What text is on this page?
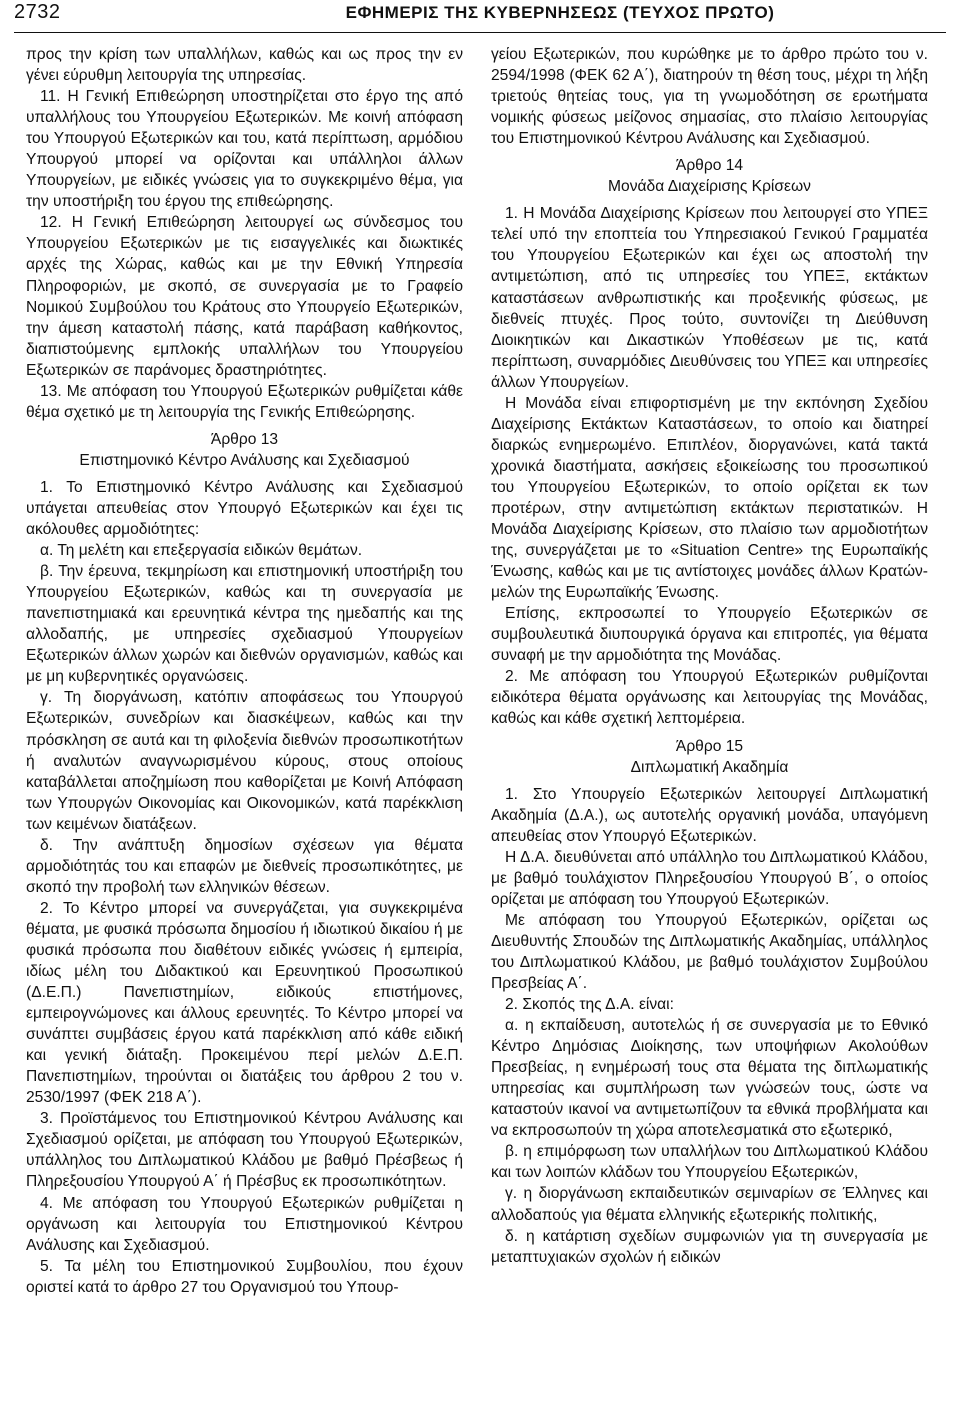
2732	ΕΦΗΜΕΡΙΣ ΤΗΣ ΚΥΒΕΡΝΗΣΕΩΣ (ΤΕΥΧΟΣ ΠΡΩΤΟ)

προς την κρίση των υπαλλήλων, καθώς και ως προς την εν γένει εύρυθμη λειτουργία της υπηρεσίας.

11. Η Γενική Επιθεώρηση υποστηρίζεται στο έργο της από υπαλλήλους του Υπουργείου Εξωτερικών. Με κοινή απόφαση του Υπουργού Εξωτερικών και του, κατά περίπτωση, αρμόδιου Υπουργού μπορεί να ορίζονται και υπάλληλοι άλλων Υπουργείων, με ειδικές γνώσεις για το συγκεκριμένο θέμα, για την υποστήριξη του έργου της επιθεώρησης.

12. Η Γενική Επιθεώρηση λειτουργεί ως σύνδεσμος του Υπουργείου Εξωτερικών με τις εισαγγελικές και διωκτικές αρχές της Χώρας, καθώς και με την Εθνική Υπηρεσία Πληροφοριών, με σκοπό, σε συνεργασία με το Γραφείο Νομικού Συμβούλου του Κράτους στο Υπουργείο Εξωτερικών, την άμεση καταστολή πάσης, κατά παράβαση καθήκοντος, διαπιστούμενης εμπλοκής υπαλλήλων του Υπουργείου Εξωτερικών σε παράνομες δραστηριότητες.

13. Με απόφαση του Υπουργού Εξωτερικών ρυθμίζεται κάθε θέμα σχετικό με τη λειτουργία της Γενικής Επιθεώρησης.

Άρθρο 13
Επιστημονικό Κέντρο Ανάλυσης και Σχεδιασμού

1. Το Επιστημονικό Κέντρο Ανάλυσης και Σχεδιασμού υπάγεται απευθείας στον Υπουργό Εξωτερικών και έχει τις ακόλουθες αρμοδιότητες:

α. Τη μελέτη και επεξεργασία ειδικών θεμάτων.

β. Την έρευνα, τεκμηρίωση και επιστημονική υποστήριξη του Υπουργείου Εξωτερικών, καθώς και τη συνεργασία με πανεπιστημιακά και ερευνητικά κέντρα της ημεδαπής και της αλλοδαπής, με υπηρεσίες σχεδιασμού Υπουργείων Εξωτερικών άλλων χωρών και διεθνών οργανισμών, καθώς και με μη κυβερνητικές οργανώσεις.

γ. Τη διοργάνωση, κατόπιν αποφάσεως του Υπουργού Εξωτερικών, συνεδρίων και διασκέψεων, καθώς και την πρόσκληση σε αυτά και τη φιλοξενία διεθνών προσωπικοτήτων ή αναλυτών αναγνωρισμένου κύρους, στους οποίους καταβάλλεται αποζημίωση που καθορίζεται με Κοινή Απόφαση των Υπουργών Οικονομίας και Οικονομικών, κατά παρέκκλιση των κειμένων διατάξεων.

δ. Την ανάπτυξη δημοσίων σχέσεων για θέματα αρμοδιότητάς του και επαφών με διεθνείς προσωπικότητες, με σκοπό την προβολή των ελληνικών θέσεων.

2. Το Κέντρο μπορεί να συνεργάζεται, για συγκεκριμένα θέματα, με φυσικά πρόσωπα δημοσίου ή ιδιωτικού δικαίου ή με φυσικά πρόσωπα που διαθέτουν ειδικές γνώσεις ή εμπειρία, ιδίως μέλη του Διδακτικού και Ερευνητικού Προσωπικού (Δ.Ε.Π.) Πανεπιστημίων, ειδικούς επιστήμονες, εμπειρογνώμονες και άλλους ερευνητές. Το Κέντρο μπορεί να συνάπτει συμβάσεις έργου κατά παρέκκλιση από κάθε ειδική και γενική διάταξη. Προκειμένου περί μελών Δ.Ε.Π. Πανεπιστημίων, τηρούνται οι διατάξεις του άρθρου 2 του ν. 2530/1997 (ΦΕΚ 218 Α΄).

3. Προϊστάμενος του Επιστημονικού Κέντρου Ανάλυσης και Σχεδιασμού ορίζεται, με απόφαση του Υπουργού Εξωτερικών, υπάλληλος του Διπλωματικού Κλάδου με βαθμό Πρέσβεως ή Πληρεξουσίου Υπουργού Α΄ ή Πρέσβυς εκ προσωπικότητων.

4. Με απόφαση του Υπουργού Εξωτερικών ρυθμίζεται η οργάνωση και λειτουργία του Επιστημονικού Κέντρου Ανάλυσης και Σχεδιασμού.

5. Τα μέλη του Επιστημονικού Συμβουλίου, που έχουν οριστεί κατά το άρθρο 27 του Οργανισμού του Υπουρ-

γείου Εξωτερικών, που κυρώθηκε με το άρθρο πρώτο του ν. 2594/1998 (ΦΕΚ 62 Α΄), διατηρούν τη θέση τους, μέχρι τη λήξη τριετούς θητείας τους, για τη γνωμοδότηση σε ερωτήματα νομικής φύσεως μείζονος σημασίας, στο πλαίσιο λειτουργίας του Επιστημονικού Κέντρου Ανάλυσης και Σχεδιασμού.

Άρθρο 14
Μονάδα Διαχείρισης Κρίσεων

1. Η Μονάδα Διαχείρισης Κρίσεων που λειτουργεί στο ΥΠΕΞ τελεί υπό την εποπτεία του Υπηρεσιακού Γενικού Γραμματέα του Υπουργείου Εξωτερικών και έχει ως αποστολή την αντιμετώπιση, από τις υπηρεσίες του ΥΠΕΞ, εκτάκτων καταστάσεων ανθρωπιστικής και προξενικής φύσεως, με διεθνείς πτυχές. Προς τούτο, συντονίζει τη Διεύθυνση Διοικητικών και Δικαστικών Υποθέσεων με τις, κατά περίπτωση, συναρμόδιες Διευθύνσεις του ΥΠΕΞ και υπηρεσίες άλλων Υπουργείων.

Η Μονάδα είναι επιφορτισμένη με την εκπόνηση Σχεδίου Διαχείρισης Εκτάκτων Καταστάσεων, το οποίο και διατηρεί διαρκώς ενημερωμένο. Επιπλέον, διοργανώνει, κατά τακτά χρονικά διαστήματα, ασκήσεις εξοικείωσης του προσωπικού του Υπουργείου Εξωτερικών, το οποίο ορίζεται εκ των προτέρων, στην αντιμετώπιση εκτάκτων περιστατικών. Η Μονάδα Διαχείρισης Κρίσεων, στο πλαίσιο των αρμοδιοτήτων της, συνεργάζεται με το «Situation Centre» της Ευρωπαϊκής Ένωσης, καθώς και με τις αντίστοιχες μονάδες άλλων Κρατών-μελών της Ευρωπαϊκής Ένωσης.

Επίσης, εκπροσωπεί το Υπουργείο Εξωτερικών σε συμβουλευτικά διυπουργικά όργανα και επιτροπές, για θέματα συναφή με την αρμοδιότητα της Μονάδας.

2. Με απόφαση του Υπουργού Εξωτερικών ρυθμίζονται ειδικότερα θέματα οργάνωσης και λειτουργίας της Μονάδας, καθώς και κάθε σχετική λεπτομέρεια.

Άρθρο 15
Διπλωματική Ακαδημία

1. Στο Υπουργείο Εξωτερικών λειτουργεί Διπλωματική Ακαδημία (Δ.Α.), ως αυτοτελής οργανική μονάδα, υπαγόμενη απευθείας στον Υπουργό Εξωτερικών.

Η Δ.Α. διευθύνεται από υπάλληλο του Διπλωματικού Κλάδου, με βαθμό τουλάχιστον Πληρεξουσίου Υπουργού Β΄, ο οποίος ορίζεται με απόφαση του Υπουργού Εξωτερικών.

Με απόφαση του Υπουργού Εξωτερικών, ορίζεται ως Διευθυντής Σπουδών της Διπλωματικής Ακαδημίας, υπάλληλος του Διπλωματικού Κλάδου, με βαθμό τουλάχιστον Συμβούλου Πρεσβείας Α΄.

2. Σκοπός της Δ.Α. είναι:

α. η εκπαίδευση, αυτοτελώς ή σε συνεργασία με το Εθνικό Κέντρο Δημόσιας Διοίκησης, των υποψήφιων Ακολούθων Πρεσβείας, η ενημέρωσή τους στα θέματα της διπλωματικής υπηρεσίας και συμπλήρωση των γνώσεών τους, ώστε να καταστούν ικανοί να αντιμετωπίζουν τα εθνικά προβλήματα και να εκπροσωπούν τη χώρα αποτελεσματικά στο εξωτερικό,

β. η επιμόρφωση των υπαλλήλων του Διπλωματικού Κλάδου και των λοιπών κλάδων του Υπουργείου Εξωτερικών,

γ. η διοργάνωση εκπαιδευτικών σεμιναρίων σε Έλληνες και αλλοδαπούς για θέματα ελληνικής εξωτερικής πολιτικής,

δ. η κατάρτιση σχεδίων συμφωνιών για τη συνεργασία με μεταπτυχιακών σχολών ή ειδικών
